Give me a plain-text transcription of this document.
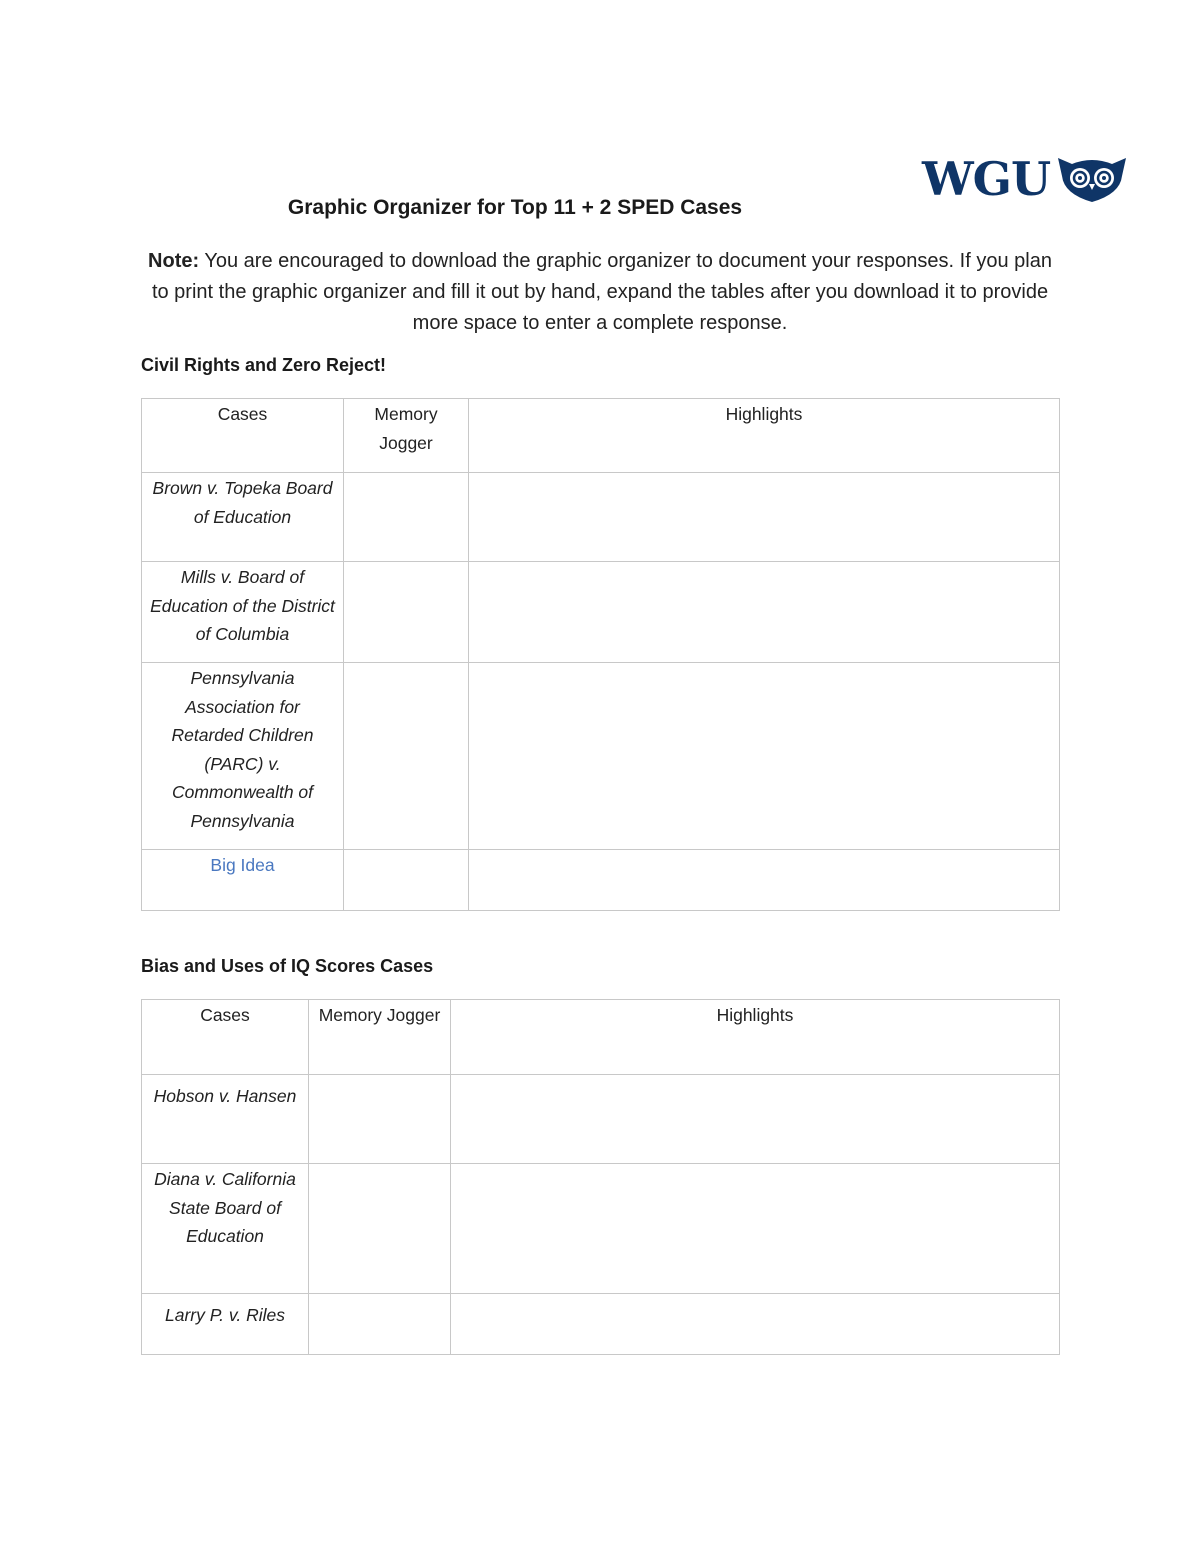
WGU
Graphic Organizer for Top 11 + 2 SPED Cases
Note: You are encouraged to download the graphic organizer to document your responses. If you plan to print the graphic organizer and fill it out by hand, expand the tables after you download it to provide more space to enter a complete response.
Civil Rights and Zero Reject!
Cases	Memory Jogger	Highlights

Brown v. Topeka Board of Education		

Mills v. Board of Education of the District of Columbia		

Pennsylvania Association for Retarded Children (PARC) v. Commonwealth of Pennsylvania		

Big Idea		

Bias and Uses of IQ Scores Cases
Cases	Memory Jogger	Highlights

Hobson v. Hansen		

Diana v. California State Board of Education		

Larry P. v. Riles		
